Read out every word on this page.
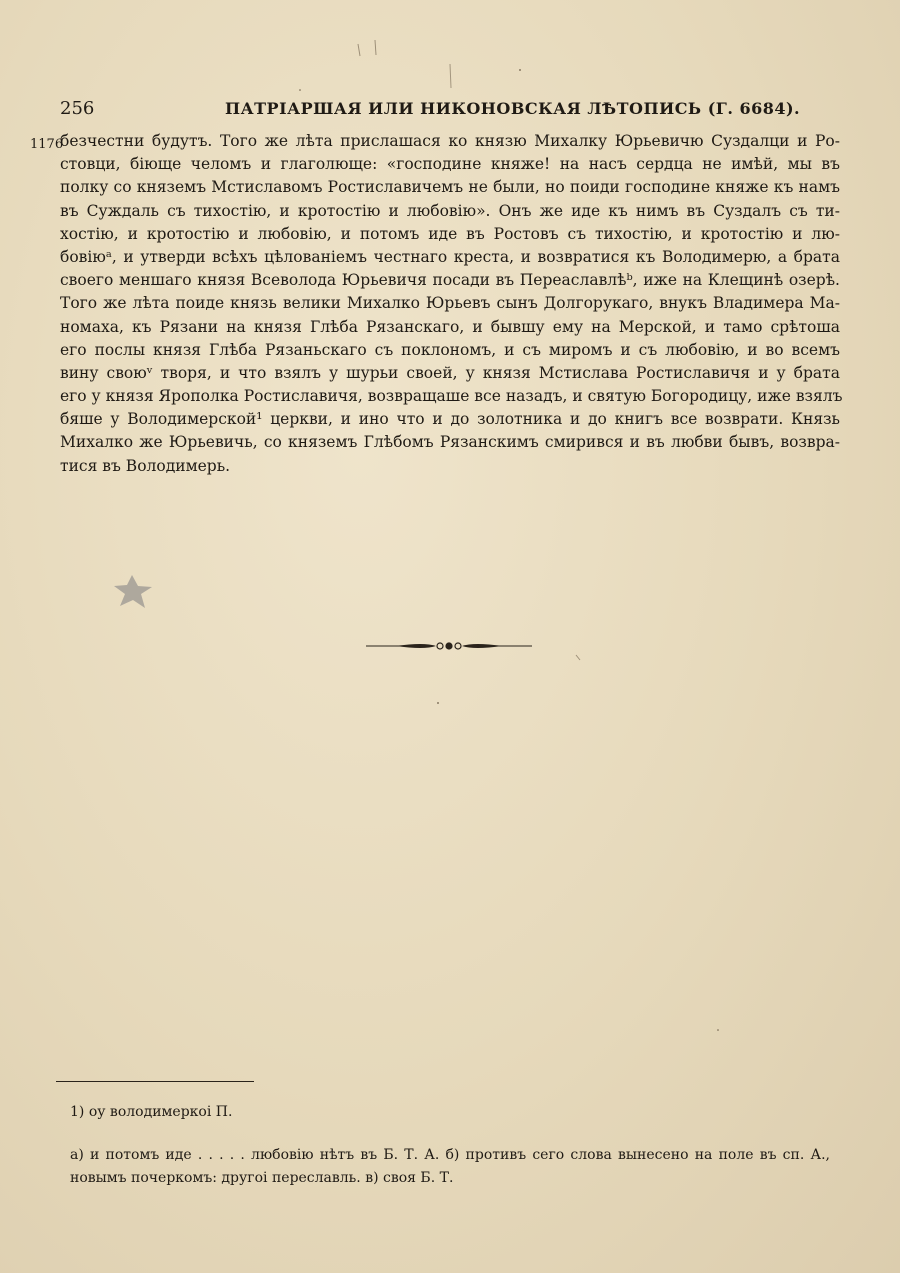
256	ПАТРІАРШАЯ ИЛИ НИКОНОВСКАЯ ЛѢТОПИСЬ (Г. 6684).
1176
безчестни будутъ. Того же лѣта прислашася ко князю Михалку Юрьевичю Суздалци и Ро-
стовци, біюще челомъ и глаголюще: «господине княже! на насъ сердца не имѣй, мы въ
полку со княземъ Мстиславомъ Ростиславичемъ не были, но поиди господине княже къ намъ
въ Суждаль съ тихостію, и кротостію и любовію». Онъ же иде къ нимъ въ Суздалъ съ ти-
хостію, и кротостію и любовію, и потомъ иде въ Ростовъ съ тихостію, и кротостію и лю-
бовіюᵃ, и утверди всѣхъ цѣлованіемъ честнаго креста, и возвратися къ Володимерю, а брата
своего меншаго князя Всеволода Юрьевичя посади въ Переаславлѣᵇ, иже на Клещинѣ озерѣ.
Того же лѣта поиде князь велики Михалко Юрьевъ сынъ Долгорукаго, внукъ Владимера Ма-
номаха, къ Рязани на князя Глѣба Рязанскаго, и бывшу ему на Мерской, и тамо срѣтоша
его послы князя Глѣба Рязаньскаго съ поклономъ, и съ миромъ и съ любовію, и во всемъ
вину своюᵛ творя, и что взялъ у шурьи своей, у князя Мстислава Ростиславичя и у брата
его у князя Ярополка Ростиславичя, возвращаше все назадъ, и святую Богородицу, иже взялъ
бяше у Володимерской¹ церкви, и ино что и до золотника и до книгъ все возврати. Князь
Михалко же Юрьевичь, со княземъ Глѣбомъ Рязанскимъ смирився и въ любви бывъ, возвра-
тися въ Володимерь.
1) оу володимеркоі П.
а) и потомъ иде . . . . . любовію нѣтъ въ Б. Т. А. б) противъ сего слова вынесено на поле въ сп. А.,
новымъ почеркомъ: другоі переславль. в) своя Б. Т.
